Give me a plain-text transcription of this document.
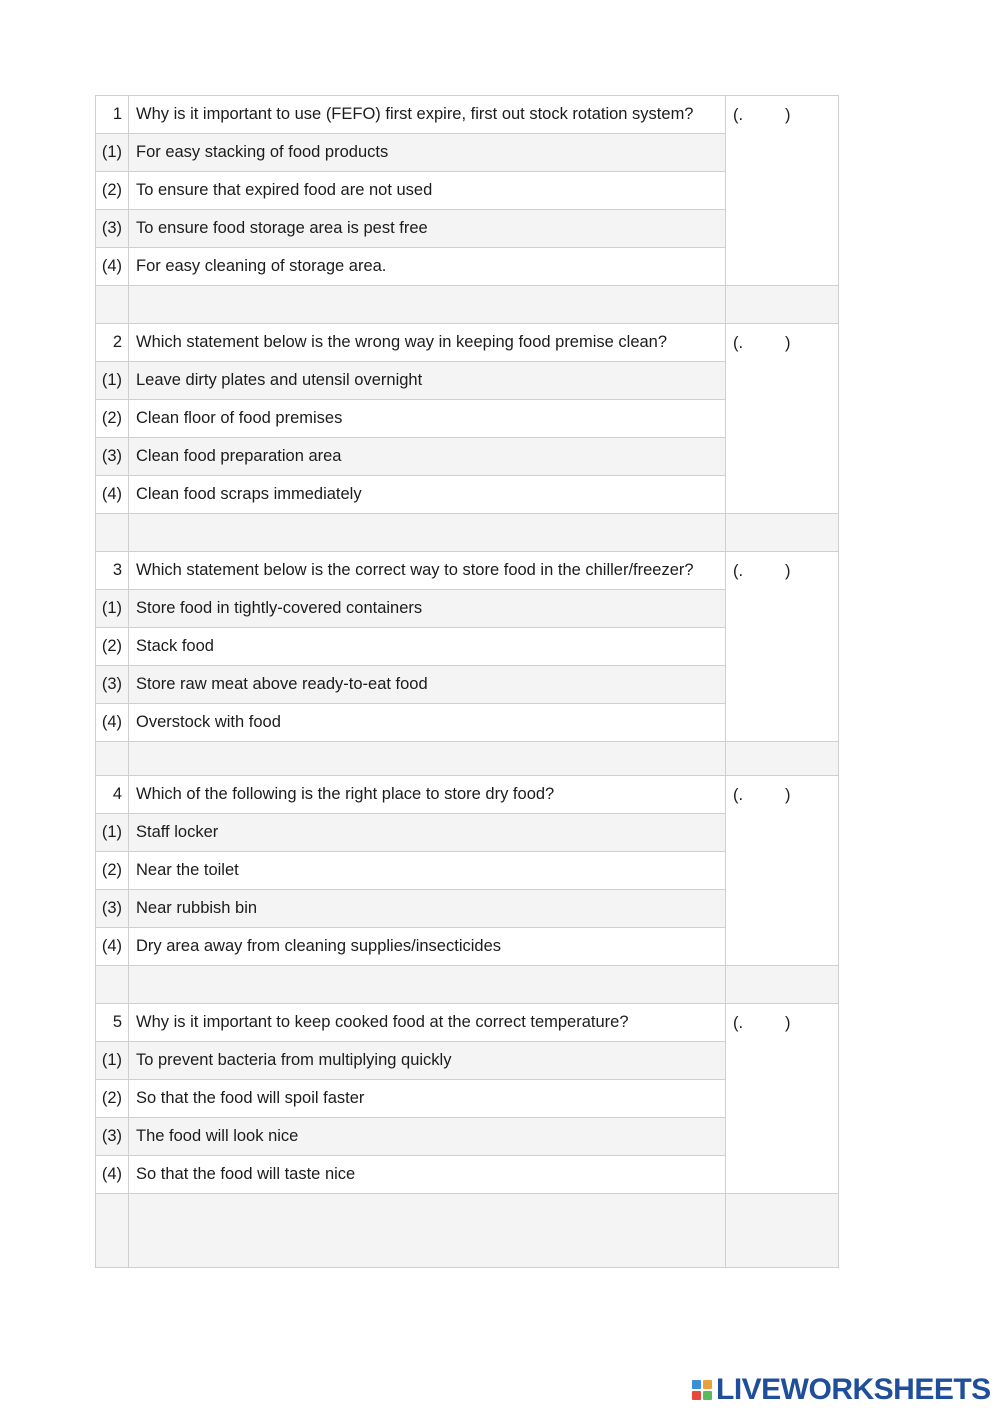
1	Why is it important to use (FEFO) first expire, first out stock rotation system?	(. )

(1)	For easy stacking of food products	
(2)	To ensure that expired food are not used	
(3)	To ensure food storage area is pest free	
(4)	For easy cleaning of storage area.	

2	Which statement below is the wrong way in keeping food premise clean?	(. )

(1)	Leave dirty plates and utensil overnight	
(2)	Clean floor of food premises	
(3)	Clean food preparation area	
(4)	Clean food scraps immediately	

3	Which statement below is the correct way to store food in the chiller/freezer?	(. )

(1)	Store food in tightly-covered containers	
(2)	Stack food	
(3)	Store raw meat above ready-to-eat food	
(4)	Overstock with food	

4	Which of the following is the right place to store dry food?	(. )

(1)	Staff locker	
(2)	Near the toilet	
(3)	Near rubbish bin	
(4)	Dry area away from cleaning supplies/insecticides	

5	Why is it important to keep cooked food at the correct temperature?	(. )

(1)	To prevent bacteria from multiplying quickly	
(2)	So that the food will spoil faster	
(3)	The food will look nice	
(4)	So that the food will taste nice	

LIVEWORKSHEETS
